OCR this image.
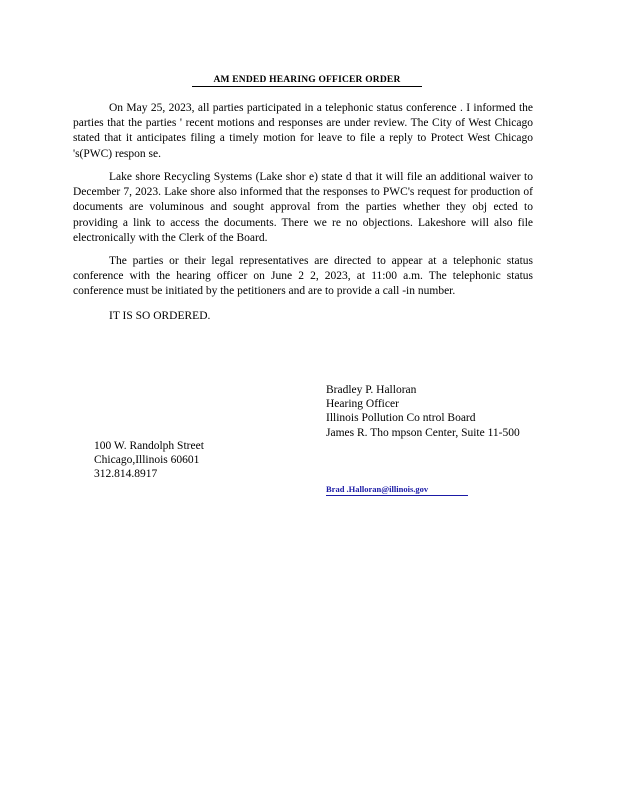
AM ENDED HEARING OFFICER ORDER

On May 25, 2023, all parties participated in a telephonic status conference . I informed the parties that the parties ' recent motions and responses are under review. The City of West Chicago stated that it anticipates filing a timely motion for leave to file a reply to Protect West Chicago 's(PWC) respon se.

Lake shore Recycling Systems (Lake shor e) state d that it will file an additional waiver to December 7, 2023. Lake shore also informed that the responses to PWC's request for production of documents are voluminous and sought approval from the parties whether they obj ected to providing a link to access the documents. There we re no objections. Lakeshore will also file electronically with the Clerk of the Board.

The parties or their legal representatives are directed to appear at a telephonic status conference with the hearing officer on June 2 2, 2023, at 11:00 a.m. The telephonic status conference must be initiated by the petitioners and are to provide a call -in number.

IT IS SO ORDERED.

Bradley P. Halloran
Hearing Officer
Illinois Pollution Co ntrol Board
James R. Tho mpson Center, Suite 11-500
100 W. Randolph Street
Chicago,Illinois 60601
312.814.8917
Brad .Halloran@illinois.gov
